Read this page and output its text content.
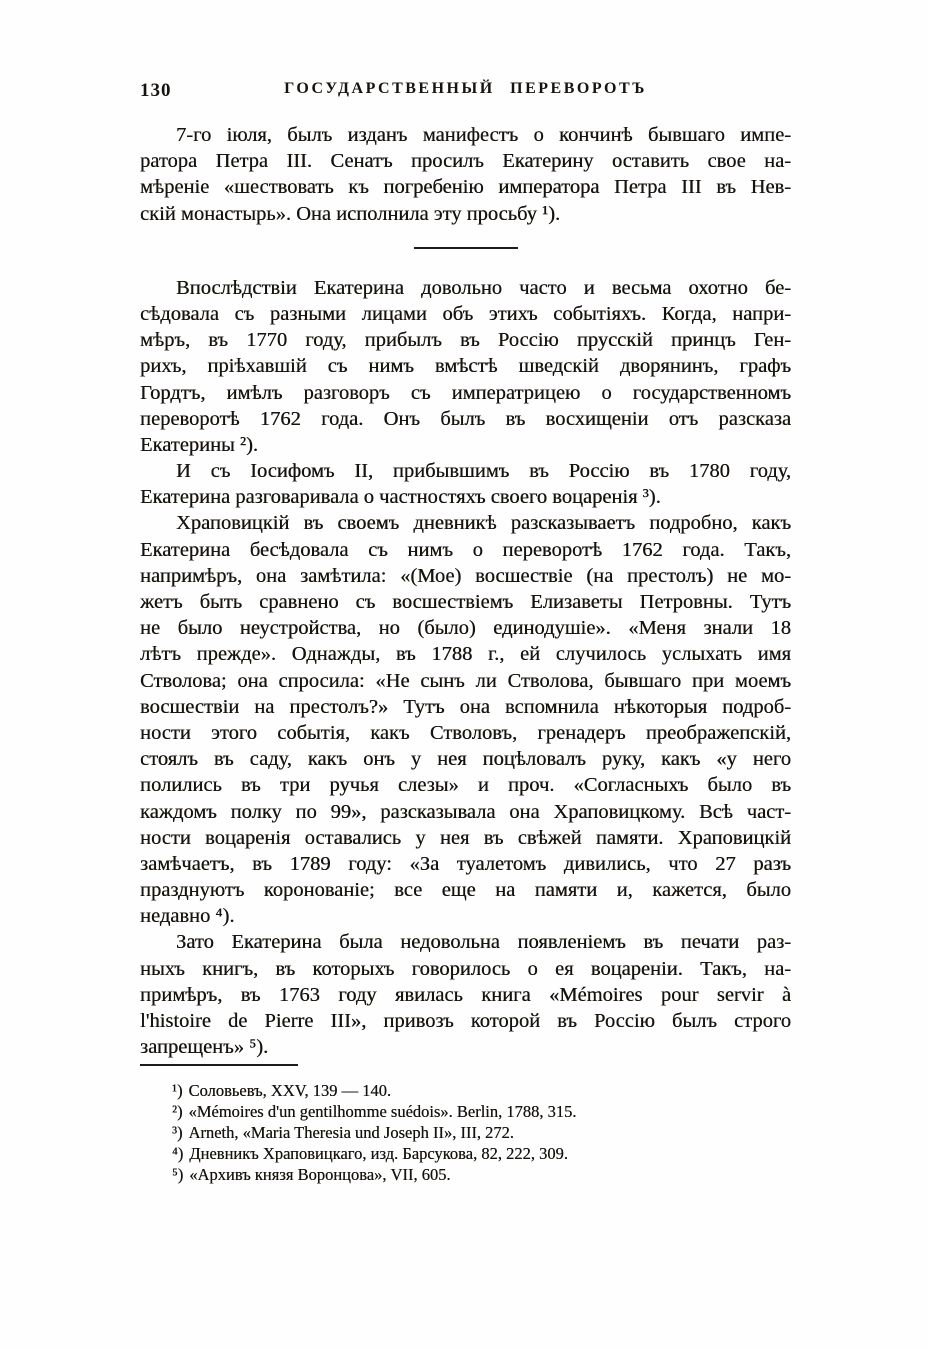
130	ГОСУДАРСТВЕННЫЙ ПЕРЕВОРОТЪ
7-го іюля, былъ изданъ манифестъ о кончинѣ бывшаго импе-
ратора Петра III. Сенатъ просилъ Екатерину оставить свое на-
мѣреніе «шествовать къ погребенію императора Петра III въ Нев-
скій монастырь». Она исполнила эту просьбу ¹).
Впослѣдствіи Екатерина довольно часто и весьма охотно бе-
сѣдовала съ разными лицами объ этихъ событіяхъ. Когда, напри-
мѣръ, въ 1770 году, прибылъ въ Россію прусскій принцъ Ген-
рихъ, пріѣхавшій съ нимъ вмѣстѣ шведскій дворянинъ, графъ
Гордтъ, имѣлъ разговоръ съ императрицею о государственномъ
переворотѣ 1762 года. Онъ былъ въ восхищеніи отъ разсказа
Екатерины ²).
И съ Іосифомъ II, прибывшимъ въ Россію въ 1780 году,
Екатерина разговаривала о частностяхъ своего воцаренія ³).
Храповицкій въ своемъ дневникѣ разсказываетъ подробно, какъ
Екатерина бесѣдовала съ нимъ о переворотѣ 1762 года. Такъ,
напримѣръ, она замѣтила: «(Мое) восшествіе (на престолъ) не мо-
жетъ быть сравнено съ восшествіемъ Елизаветы Петровны. Тутъ
не было неустройства, но (было) единодушіе». «Меня знали 18
лѣтъ прежде». Однажды, въ 1788 г., ей случилось услыхать имя
Стволова; она спросила: «Не сынъ ли Стволова, бывшаго при моемъ
восшествіи на престолъ?» Тутъ она вспомнила нѣкоторыя подроб-
ности этого событія, какъ Стволовъ, гренадеръ преображепскій,
стоялъ въ саду, какъ онъ у нея поцѣловалъ руку, какъ «у него
полились въ три ручья слезы» и проч. «Согласныхъ было въ
каждомъ полку по 99», разсказывала она Храповицкому. Всѣ част-
ности воцаренія оставались у нея въ свѣжей памяти. Храповицкій
замѣчаетъ, въ 1789 году: «За туалетомъ дивились, что 27 разъ
празднуютъ коронованіе; все еще на памяти и, кажется, было
недавно ⁴).
Зато Екатерина была недовольна появленіемъ въ печати раз-
ныхъ книгъ, въ которыхъ говорилось о ея воцареніи. Такъ, на-
примѣръ, въ 1763 году явилась книга «Mémoires pour servir à
l'histoire de Pierre III», привозъ которой въ Россію былъ строго
запрещенъ» ⁵).
¹) Соловьевъ, XXV, 139 — 140.
²) «Mémoires d'un gentilhomme suédois». Berlin, 1788, 315.
³) Arneth, «Maria Theresia und Joseph II», III, 272.
⁴) Дневникъ Храповицкаго, изд. Барсукова, 82, 222, 309.
⁵) «Архивъ князя Воронцова», VII, 605.
